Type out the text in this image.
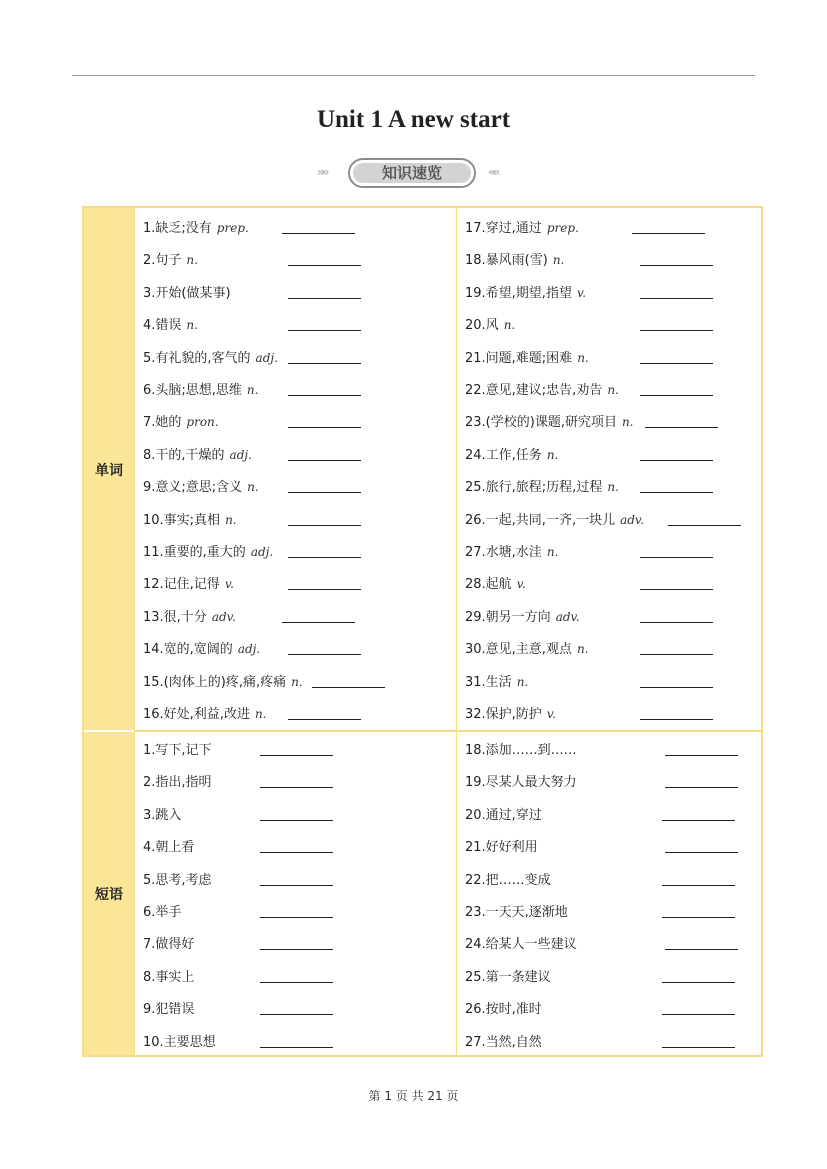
Unit 1 A new start
»»	知识速览	««
单词
短语
1.缺乏;没有 prep.
2.句子 n.
3.开始(做某事)
4.错误 n.
5.有礼貌的,客气的 adj.
6.头脑;思想,思维 n.
7.她的 pron.
8.干的,干燥的 adj.
9.意义;意思;含义 n.
10.事实;真相 n.
11.重要的,重大的 adj.
12.记住,记得 v.
13.很,十分 adv.
14.宽的,宽阔的 adj.
15.(肉体上的)疼,痛,疼痛 n.
16.好处,利益,改进 n.
17.穿过,通过 prep.
18.暴风雨(雪) n.
19.希望,期望,指望 v.
20.风 n.
21.问题,难题;困难 n.
22.意见,建议;忠告,劝告 n.
23.(学校的)课题,研究项目 n.
24.工作,任务 n.
25.旅行,旅程;历程,过程 n.
26.一起,共同,一齐,一块儿 adv.
27.水塘,水洼 n.
28.起航 v.
29.朝另一方向 adv.
30.意见,主意,观点 n.
31.生活 n.
32.保护,防护 v.
1.写下,记下
2.指出,指明
3.跳入
4.朝上看
5.思考,考虑
6.举手
7.做得好
8.事实上
9.犯错误
10.主要思想
18.添加……到……
19.尽某人最大努力
20.通过,穿过
21.好好利用
22.把……变成
23.一天天,逐渐地
24.给某人一些建议
25.第一条建议
26.按时,准时
27.当然,自然
第 1 页 共 21 页
